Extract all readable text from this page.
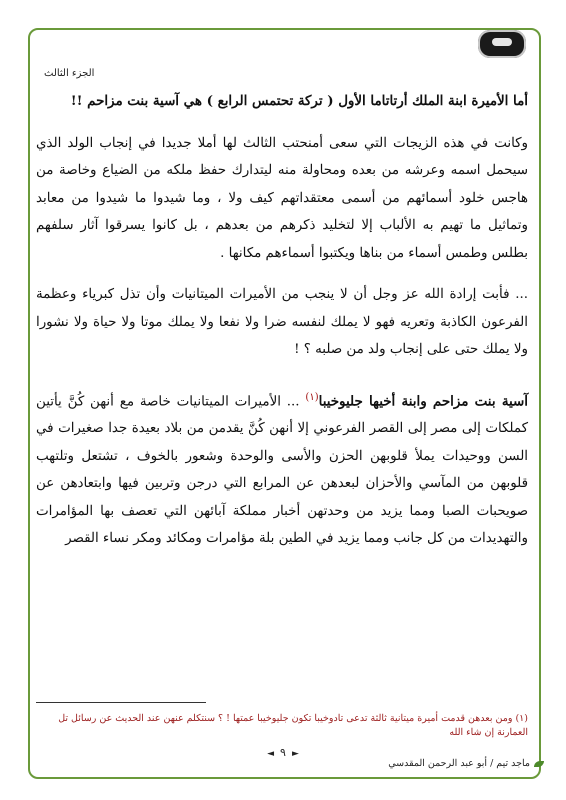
الجزء الثالث

أما الأميرة ابنة الملك أرتاتاما الأول ( تركة تحتمس الرابع ) هي آسية بنت مزاحم !!

وكانت في هذه الزيجات التي سعى أمنحتب الثالث لها أملا جديدا في إنجاب الولد الذي سيحمل اسمه وعرشه من بعده ومحاولة منه ليتدارك حفظ ملكه من الضياع وخاصة من هاجس خلود أسمائهم من أسمى معتقداتهم كيف ولا ، وما شيدوا ما شيدوا من معابد وتماثيل ما تهيم به الألباب إلا لتخليد ذكرهم من بعدهم ، بل كانوا يسرقوا آثار سلفهم بطلس وطمس أسماء من بناها ويكتبوا أسماءهم مكانها .

... فأبت إرادة الله عز وجل أن لا ينجب من الأميرات الميتانيات وأن تذل كبرياء وعظمة الفرعون الكاذبة وتعريه فهو لا يملك لنفسه ضرا ولا نفعا ولا يملك موتا ولا حياة ولا نشورا ولا يملك حتى على إنجاب ولد من صلبه ؟ !

آسية بنت مزاحم وابنة أخيها جليوخيبا$^{(١)}$ ... الأميرات الميتانيات خاصة مع أنهن كُنَّ يأتين كملكات إلى مصر إلى القصر الفرعوني إلا أنهن كُنَّ يقدمن من بلاد بعيدة جدا صغيرات في السن ووحيدات يملأ قلوبهن الحزن والأسى والوحدة وشعور بالخوف ، تشتعل وتلتهب قلوبهن من المآسي والأحزان لبعدهن عن المرابع التي درجن وتربين فيها وابتعادهن عن صويحبات الصبا ومما يزيد من وحدتهن أخبار مملكة آبائهن التي تعصف بها المؤامرات والتهديدات من كل جانب ومما يزيد في الطين بلة مؤامرات ومكائد ومكر نساء القصر

(١) ومن بعدهن قدمت أميرة ميتانية ثالثة تدعى تادوخيبا تكون جليوخيبا عمتها ! ؟ سنتكلم عنهن عند الحديث عن رسائل تل العمارنة إن شاء الله
◄ ٩ ►
ماجد تيم / أبو عبد الرحمن المقدسي
